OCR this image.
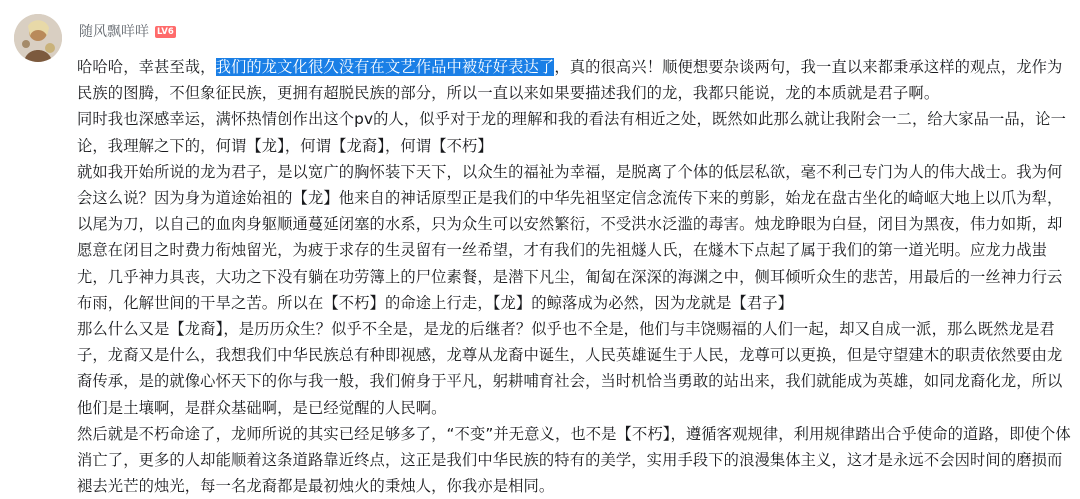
随风飘咩咩 LV6

哈哈哈，幸甚至哉，我们的龙文化很久没有在文艺作品中被好好表达了，真的很高兴！顺便想要杂谈两句，我一直以来都秉承这样的观点，龙作为民族的图腾，不但象征民族，更拥有超脱民族的部分，所以一直以来如果要描述我们的龙，我都只能说，龙的本质就是君子啊。

同时我也深感幸运，满怀热情创作出这个pv的人，似乎对于龙的理解和我的看法有相近之处，既然如此那么就让我附会一二，给大家品一品，论一论，我理解之下的，何谓【龙】，何谓【龙裔】，何谓【不朽】

就如我开始所说的龙为君子，是以宽广的胸怀装下天下，以众生的福祉为幸福，是脱离了个体的低层私欲，毫不利己专门为人的伟大战士。我为何会这么说？因为身为道途始祖的【龙】他来自的神话原型正是我们的中华先祖坚定信念流传下来的剪影，始龙在盘古坐化的崎岖大地上以爪为犁，以尾为刀，以自己的血肉身躯顺通蔓延闭塞的水系，只为众生可以安然繁衍，不受洪水泛滥的毒害。烛龙睁眼为白昼，闭目为黑夜，伟力如斯，却愿意在闭目之时费力衔烛留光，为疲于求存的生灵留有一丝希望，才有我们的先祖燧人氏，在燧木下点起了属于我们的第一道光明。应龙力战蚩尤，几乎神力具丧，大功之下没有躺在功劳簿上的尸位素餐，是潜下凡尘，匍匐在深深的海渊之中，侧耳倾听众生的悲苦，用最后的一丝神力行云布雨，化解世间的干旱之苦。所以在【不朽】的命途上行走，【龙】的鲸落成为必然，因为龙就是【君子】

那么什么又是【龙裔】，是历历众生？似乎不全是，是龙的后继者？似乎也不全是，他们与丰饶赐福的人们一起，却又自成一派，那么既然龙是君子，龙裔又是什么，我想我们中华民族总有种即视感，龙尊从龙裔中诞生，人民英雄诞生于人民，龙尊可以更换，但是守望建木的职责依然要由龙裔传承，是的就像心怀天下的你与我一般，我们俯身于平凡，躬耕哺育社会，当时机恰当勇敢的站出来，我们就能成为英雄，如同龙裔化龙，所以他们是土壤啊，是群众基础啊，是已经觉醒的人民啊。

然后就是不朽命途了，龙师所说的其实已经足够多了，“不变”并无意义，也不是【不朽】，遵循客观规律，利用规律踏出合乎使命的道路，即使个体消亡了，更多的人却能顺着这条道路靠近终点，这正是我们中华民族的特有的美学，实用手段下的浪漫集体主义，这才是永远不会因时间的磨损而褪去光芒的烛光，每一名龙裔都是最初烛火的秉烛人，你我亦是相同。
